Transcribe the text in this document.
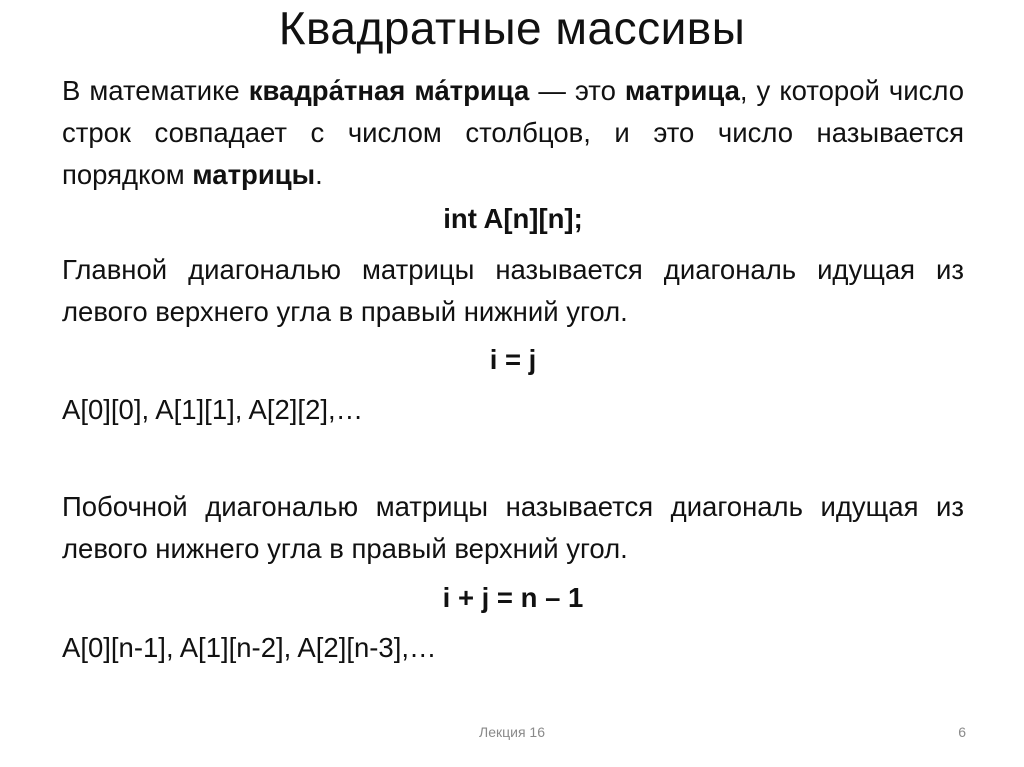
Квадратные массивы
В математике квадра́тная ма́трица — это матрица, у которой число строк совпадает с числом столбцов, и это число называется порядком матрицы.
int A[n][n];
Главной диагональю матрицы называется диагональ идущая из левого верхнего угла в правый нижний угол.
i = j
A[0][0], A[1][1], A[2][2],…
Побочной диагональю матрицы называется диагональ идущая из левого нижнего угла в правый верхний угол.
i + j = n – 1
A[0][n-1], A[1][n-2], A[2][n-3],…
Лекция 16	6
